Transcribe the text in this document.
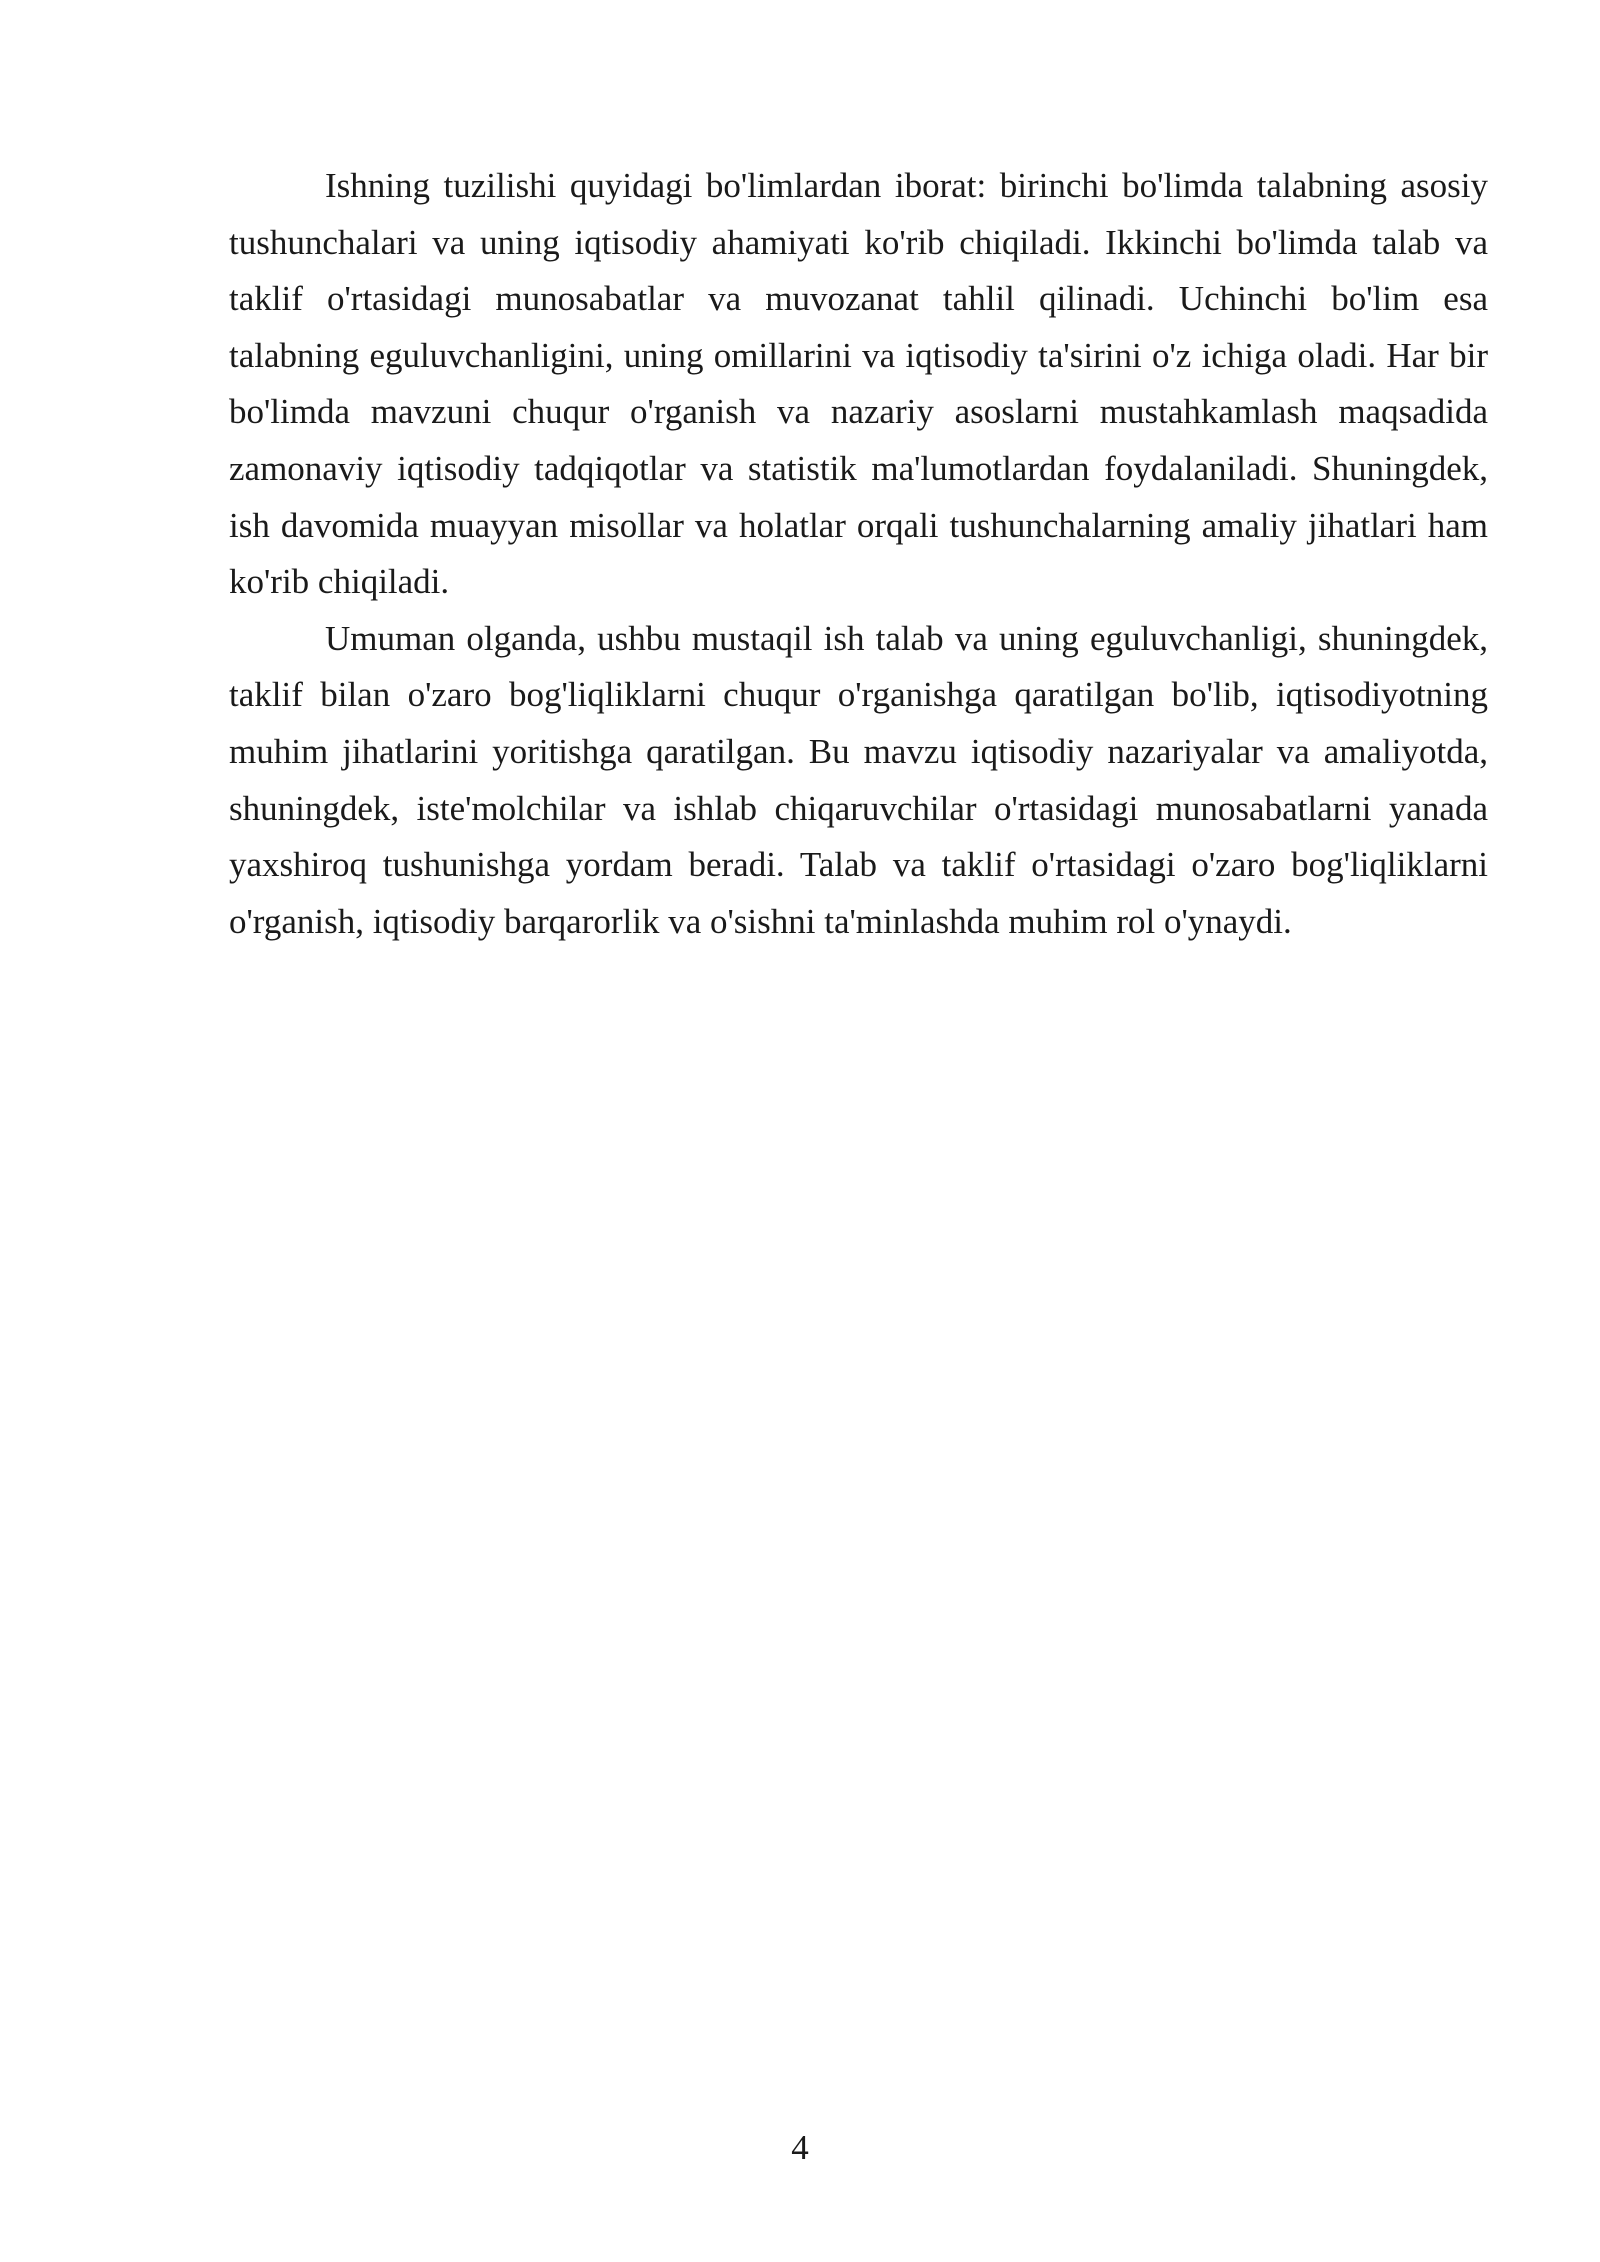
Ishning tuzilishi quyidagi bo'limlardan iborat: birinchi bo'limda talabning asosiy tushunchalari va uning iqtisodiy ahamiyati ko'rib chiqiladi. Ikkinchi bo'limda talab va taklif o'rtasidagi munosabatlar va muvozanat tahlil qilinadi. Uchinchi bo'lim esa talabning eguluvchanligini, uning omillarini va iqtisodiy ta'sirini o'z ichiga oladi. Har bir bo'limda mavzuni chuqur o'rganish va nazariy asoslarni mustahkamlash maqsadida zamonaviy iqtisodiy tadqiqotlar va statistik ma'lumotlardan foydalaniladi. Shuningdek, ish davomida muayyan misollar va holatlar orqali tushunchalarning amaliy jihatlari ham ko'rib chiqiladi.

Umuman olganda, ushbu mustaqil ish talab va uning eguluvchanligi, shuningdek, taklif bilan o'zaro bog'liqliklarni chuqur o'rganishga qaratilgan bo'lib, iqtisodiyotning muhim jihatlarini yoritishga qaratilgan. Bu mavzu iqtisodiy nazariyalar va amaliyotda, shuningdek, iste'molchilar va ishlab chiqaruvchilar o'rtasidagi munosabatlarni yanada yaxshiroq tushunishga yordam beradi. Talab va taklif o'rtasidagi o'zaro bog'liqliklarni o'rganish, iqtisodiy barqarorlik va o'sishni ta'minlashda muhim rol o'ynaydi.

4
